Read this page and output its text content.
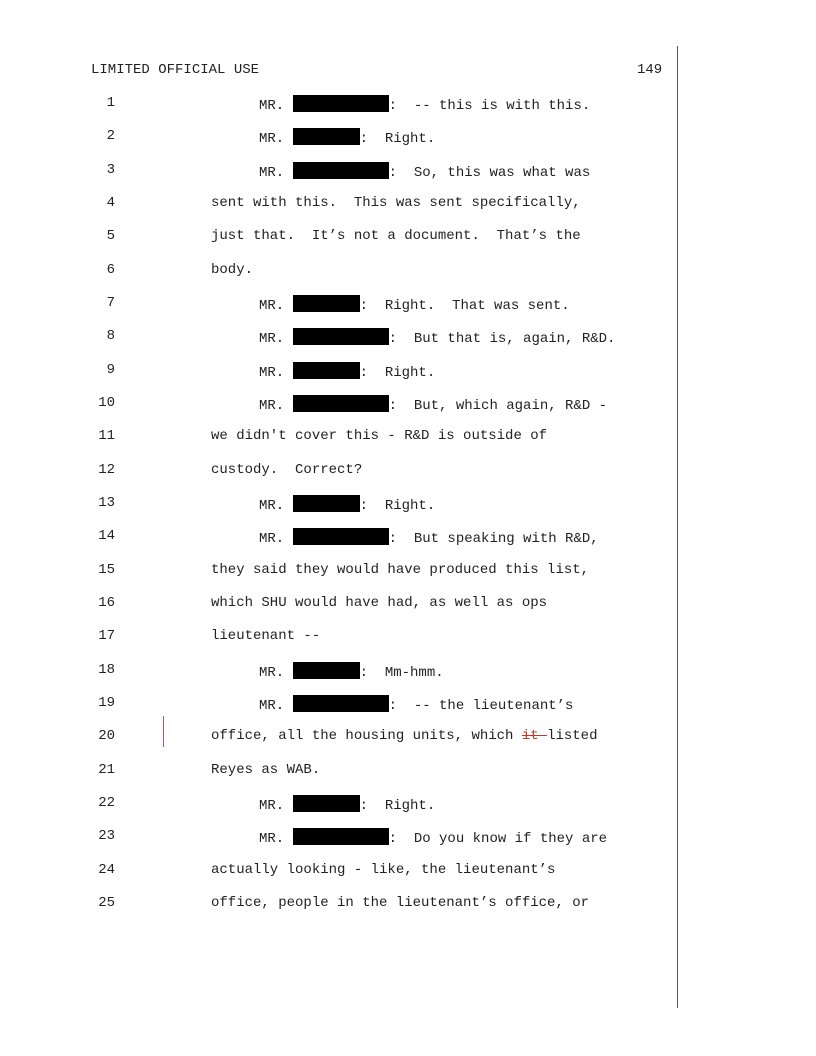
LIMITED OFFICIAL USE	149
1	MR.	:  -- this is with this.
2	MR.	:  Right.
3	MR.	:  So, this was what was
4	sent with this.  This was sent specifically,
5	just that.  It’s not a document.  That’s the
6	body.
7	MR.	:  Right.  That was sent.
8	MR.	:  But that is, again, R&D.
9	MR.	:  Right.
10	MR.	:  But, which again, R&D -
11	we didn't cover this - R&D is outside of
12	custody.  Correct?
13	MR.	:  Right.
14	MR.	:  But speaking with R&D,
15	they said they would have produced this list,
16	which SHU would have had, as well as ops
17	lieutenant --
18	MR.	:  Mm-hmm.
19	MR.	:  -- the lieutenant’s
20	office, all the housing units, which it listed
21	Reyes as WAB.
22	MR.	:  Right.
23	MR.	:  Do you know if they are
24	actually looking - like, the lieutenant’s
25	office, people in the lieutenant’s office, or
